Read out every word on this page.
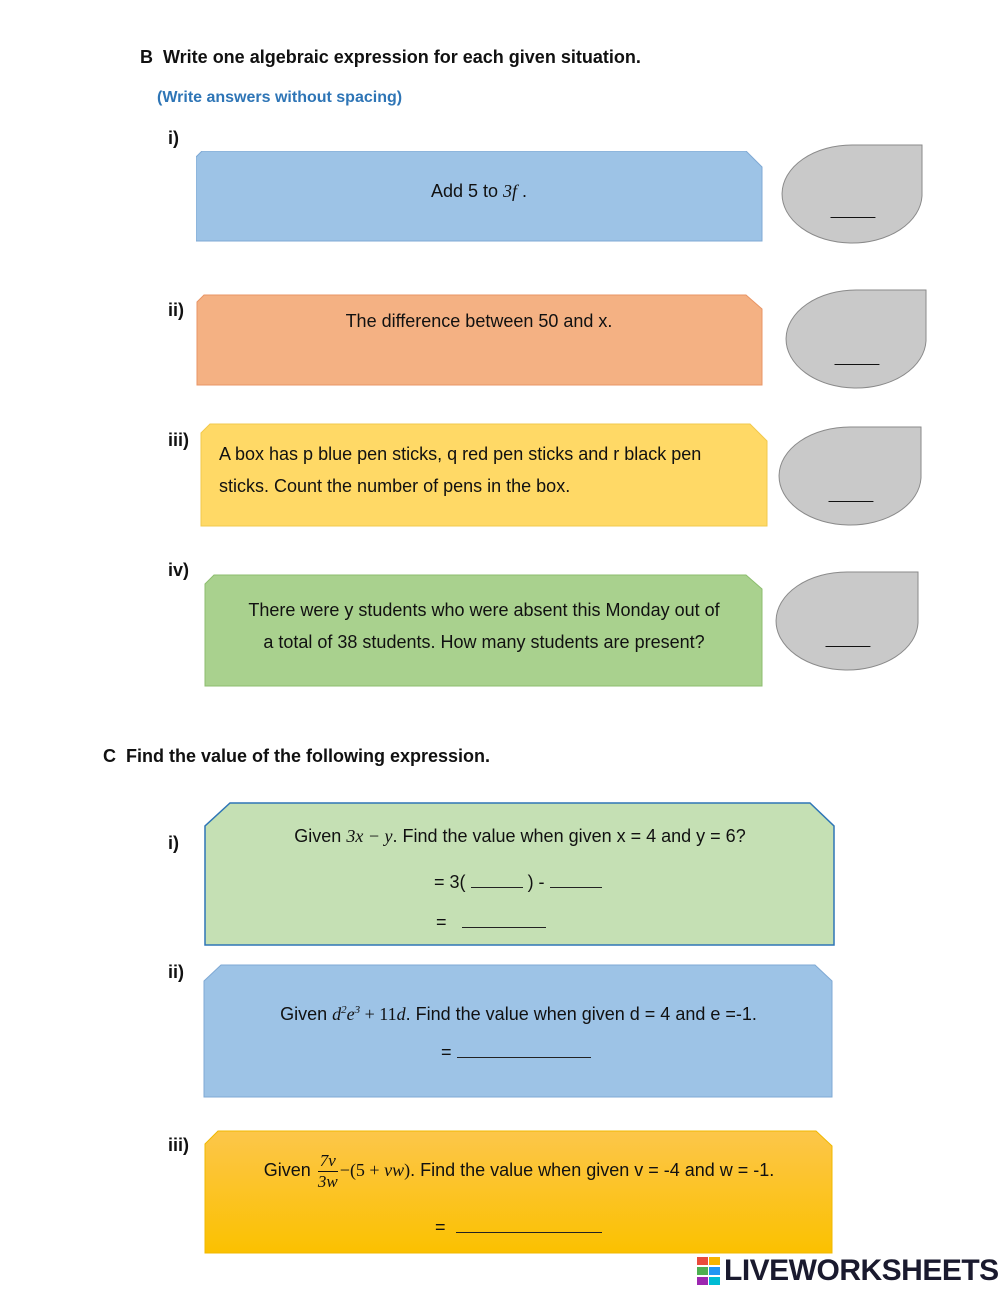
B Write one algebraic expression for each given situation.
(Write answers without spacing)
i)
Add 5 to 3f .
_____
ii)
The difference between 50 and x.
_____
iii)
A box has p blue pen sticks, q red pen sticks and r black pen
sticks. Count the number of pens in the box.	_____
iv)
There were y students who were absent this Monday out of
a total of 38 students. How many students are present?	_____
C Find the value of the following expression.
i)	Given 3x − y. Find the value when given x = 4 and y = 6?
= 3(	) -
=
ii)
Given $d^2e^3 + 11d$. Find the value when given d = 4 and e =-1.
=
iii)
Given $\frac{7v}{3w} -(5 + vw)$. Find the value when given v = -4 and w = -1.
=
LIVEWORKSHEETS
